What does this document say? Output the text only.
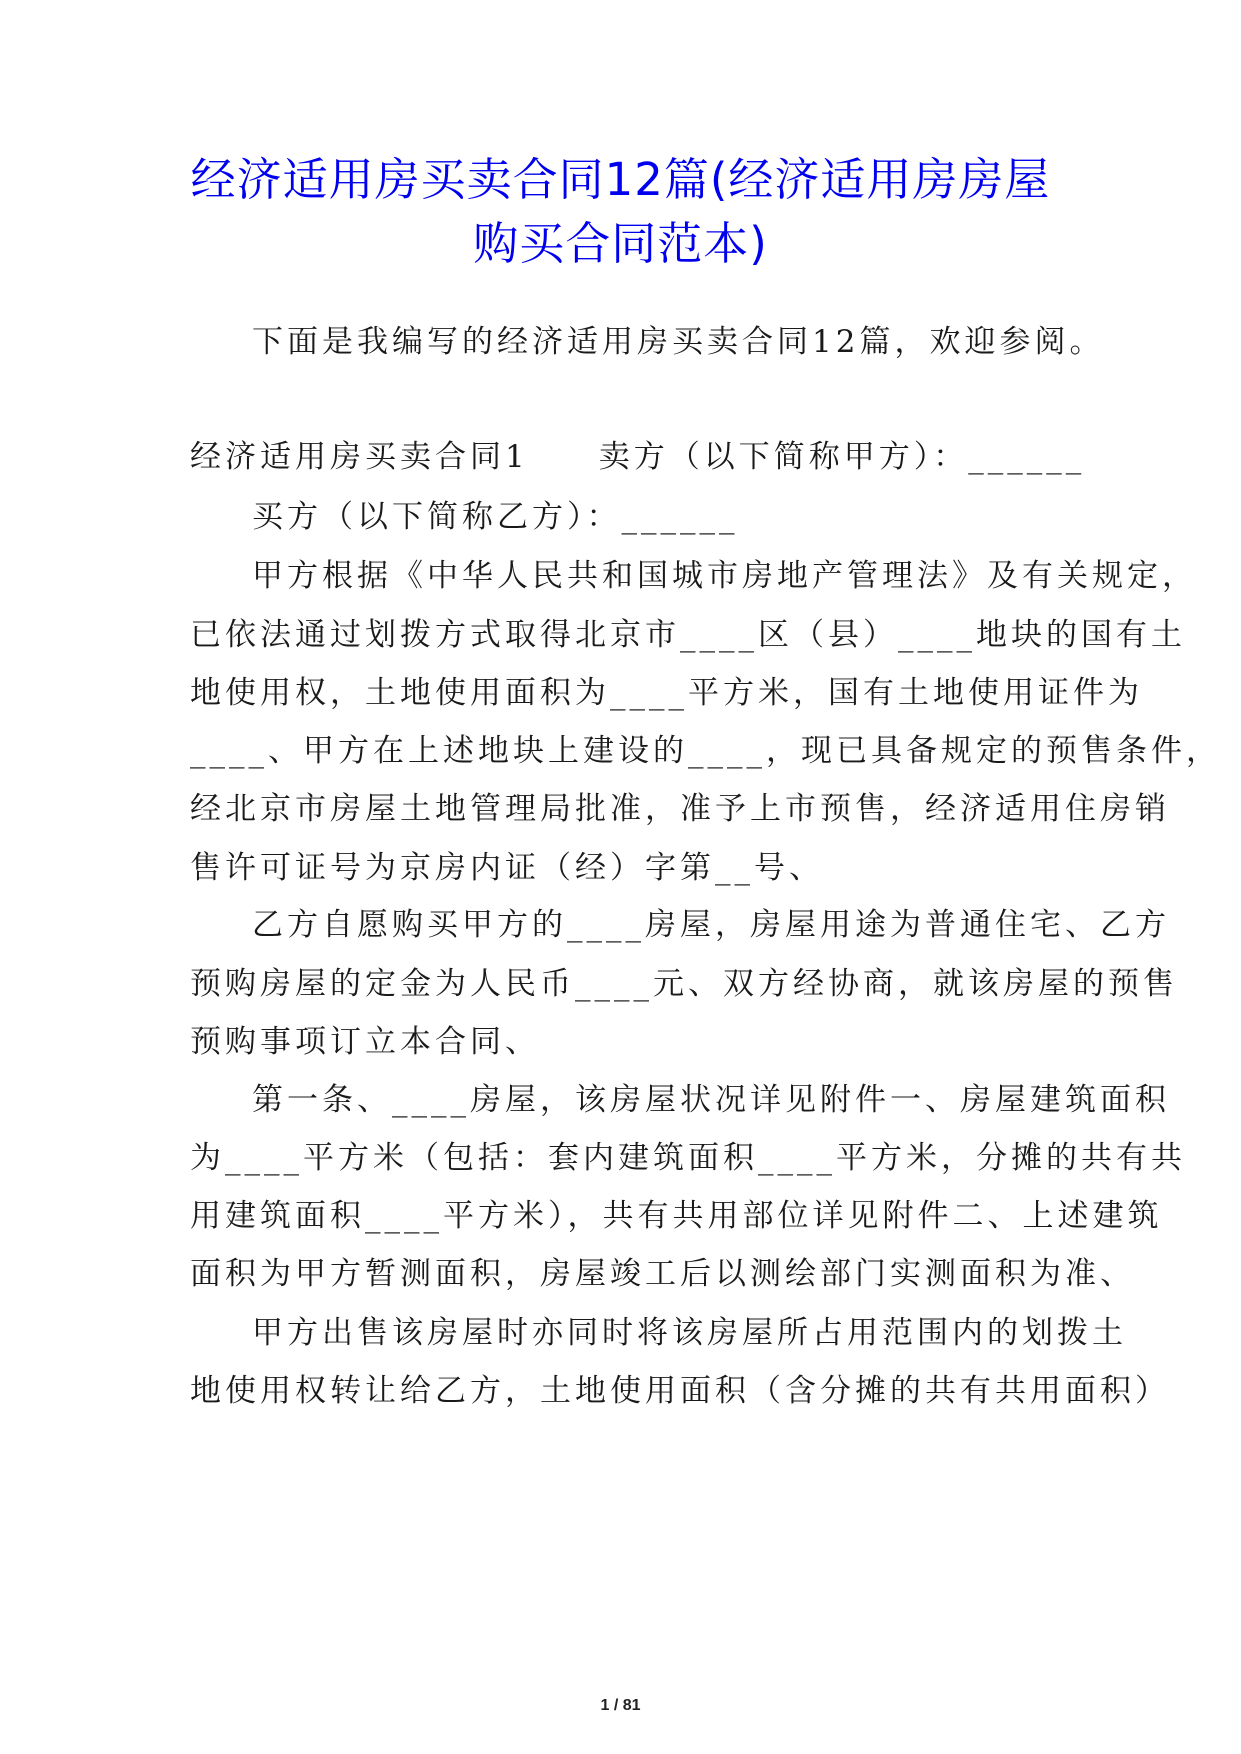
经济适用房买卖合同12篇(经济适用房房屋
购买合同范本)

下面是我编写的经济适用房买卖合同12篇，欢迎参阅。

经济适用房买卖合同1　　卖方（以下简称甲方）：______

买方（以下简称乙方）：______

甲方根据《中华人民共和国城市房地产管理法》及有关规定，

已依法通过划拨方式取得北京市____区（县）____地块的国有土

地使用权，土地使用面积为____平方米，国有土地使用证件为

____、甲方在上述地块上建设的____，现已具备规定的预售条件，

经北京市房屋土地管理局批准，准予上市预售，经济适用住房销

售许可证号为京房内证（经）字第__号、

乙方自愿购买甲方的____房屋，房屋用途为普通住宅、乙方

预购房屋的定金为人民币____元、双方经协商，就该房屋的预售

预购事项订立本合同、

第一条、____房屋，该房屋状况详见附件一、房屋建筑面积

为____平方米（包括：套内建筑面积____平方米，分摊的共有共

用建筑面积____平方米），共有共用部位详见附件二、上述建筑

面积为甲方暂测面积，房屋竣工后以测绘部门实测面积为准、

甲方出售该房屋时亦同时将该房屋所占用范围内的划拨土

地使用权转让给乙方，土地使用面积（含分摊的共有共用面积）

1 / 81
